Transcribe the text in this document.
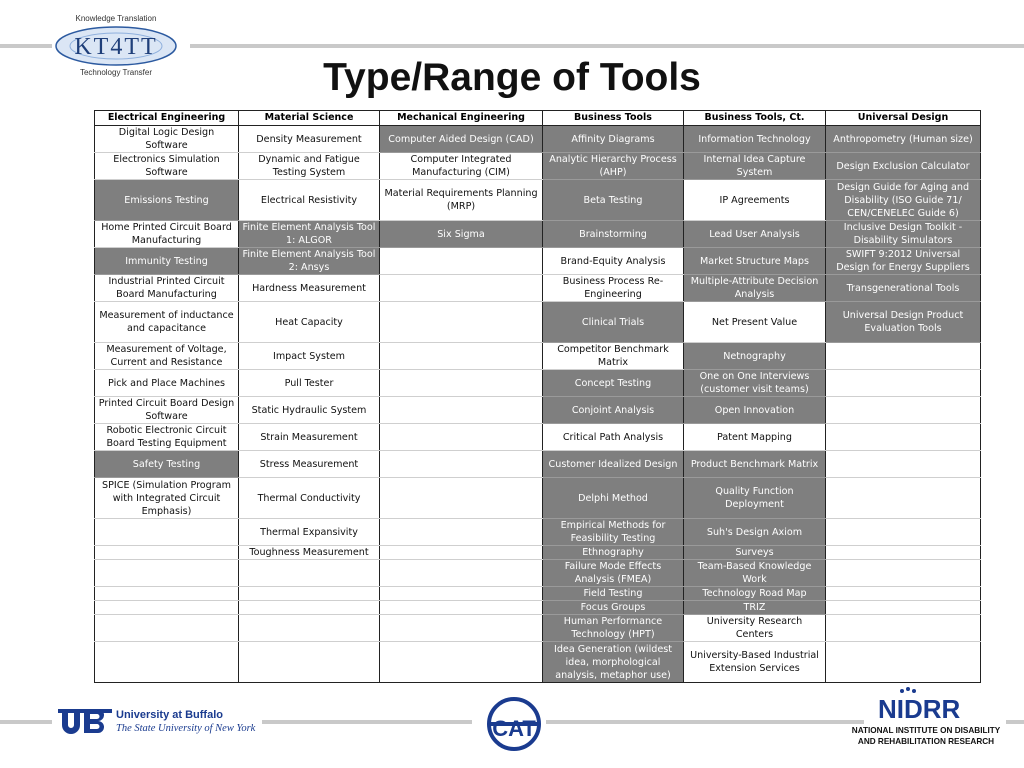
Knowledge Translation
KT4TT
Technology Transfer	Type/Range of Tools
Electrical Engineering	Material Science	Mechanical Engineering	Business Tools	Business Tools, Ct.	Universal Design
Digital Logic Design Software	Density Measurement	Computer Aided Design (CAD)	Affinity Diagrams	Information Technology	Anthropometry (Human size)
Electronics Simulation Software	Dynamic and Fatigue Testing System	Computer Integrated Manufacturing (CIM)	Analytic Hierarchy Process (AHP)	Internal Idea Capture System	Design Exclusion Calculator
Emissions Testing	Electrical Resistivity	Material Requirements Planning (MRP)	Beta Testing	IP Agreements	Design Guide for Aging and Disability (ISO Guide 71/ CEN/CENELEC Guide 6)
Home Printed Circuit Board Manufacturing	Finite Element Analysis Tool 1: ALGOR	Six Sigma	Brainstorming	Lead User Analysis	Inclusive Design Toolkit - Disability Simulators
Immunity Testing	Finite Element Analysis Tool 2: Ansys		Brand-Equity Analysis	Market Structure Maps	SWIFT 9:2012 Universal Design for Energy Suppliers
Industrial Printed Circuit Board Manufacturing	Hardness Measurement		Business Process Re-Engineering	Multiple-Attribute Decision Analysis	Transgenerational Tools
Measurement of inductance and capacitance	Heat Capacity		Clinical Trials	Net Present Value	Universal Design Product Evaluation Tools
Measurement of Voltage, Current and Resistance	Impact System		Competitor Benchmark Matrix	Netnography	
Pick and Place Machines	Pull Tester		Concept Testing	One on One Interviews (customer visit teams)	
Printed Circuit Board Design Software	Static Hydraulic System		Conjoint Analysis	Open Innovation	
Robotic Electronic Circuit Board Testing Equipment	Strain Measurement		Critical Path Analysis	Patent Mapping	
Safety Testing	Stress Measurement		Customer Idealized Design	Product Benchmark Matrix	
SPICE (Simulation Program with Integrated Circuit Emphasis)	Thermal Conductivity		Delphi Method	Quality Function Deployment	
	Thermal Expansivity		Empirical Methods for Feasibility Testing	Suh's Design Axiom	
	Toughness Measurement		Ethnography	Surveys	
			Failure Mode Effects Analysis (FMEA)	Team-Based Knowledge Work	
			Field Testing	Technology Road Map	
			Focus Groups	TRIZ	
			Human Performance Technology (HPT)	University Research Centers	
			Idea Generation (wildest idea, morphological analysis, metaphor use)	University-Based Industrial Extension Services	
University at Buffalo
The State University of New York	CAT
NIDRR
NATIONAL INSTITUTE ON DISABILITY
AND REHABILITATION RESEARCH
